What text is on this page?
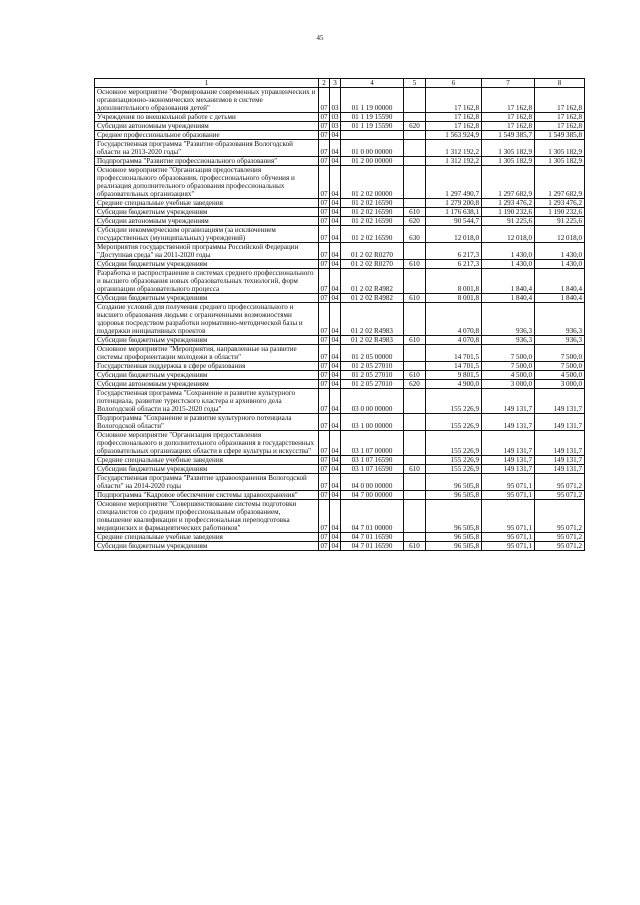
45
1	2	3	4	5	6	7	8
Основное мероприятие "Формирование современных управленческих и организационно-экономических механизмов в системе дополнительного образования детей"	07	03	01 1 19 00000		17 162,8	17 162,8	17 162,8
Учреждения по внешкольной работе с детьми	07	03	01 1 19 15590		17 162,8	17 162,8	17 162,8
Субсидии автономным учреждениям	07	03	01 1 19 15590	620	17 162,8	17 162,8	17 162,8
Среднее профессиональное образование	07	04			1 563 924,9	1 549 385,7	1 549 385,8
Государственная программа "Развитие образования Вологодской области на 2013-2020 годы"	07	04	01 0 00 00000		1 312 192,2	1 305 182,9	1 305 182,9
Подпрограмма "Развитие профессионального образования"	07	04	01 2 00 00000		1 312 192,2	1 305 182,9	1 305 182,9
Основное мероприятие "Организация предоставления профессионального образования, профессионального обучения и реализация дополнительного образования профессиональных образовательных организациях"	07	04	01 2 02 00000		1 297 490,7	1 297 682,9	1 297 682,9
Средние специальные учебные заведения	07	04	01 2 02 16590		1 279 200,8	1 293 476,2	1 293 476,2
Субсидии бюджетным учреждениям	07	04	01 2 02 16590	610	1 176 638,1	1 190 232,6	1 190 232,6
Субсидии автономным учреждениям	07	04	01 2 02 16590	620	90 544,7	91 225,6	91 225,6
Субсидии некоммерческим организациям (за исключением государственных (муниципальных) учреждений)	07	04	01 2 02 16590	630	12 018,0	12 018,0	12 018,0
Мероприятия государственной программы Российской Федерации "Доступная среда" на 2011-2020 годы	07	04	01 2 02 R0270		6 217,3	1 430,0	1 430,0
Субсидии бюджетным учреждениям	07	04	01 2 02 R0270	610	6 217,3	1 430,0	1 430,0
Разработка и распространение в системах среднего профессионального и высшего образования новых образовательных технологий, форм организации образовательного процесса	07	04	01 2 02 R4982		8 001,8	1 840,4	1 840,4
Субсидии бюджетным учреждениям	07	04	01 2 02 R4982	610	8 001,8	1 840,4	1 840,4
Создание условий для получения среднего профессионального и высшего образования людьми с ограниченными возможностями здоровья посредством разработки нормативно-методической базы и поддержки инициативных проектов	07	04	01 2 02 R4983		4 070,8	936,3	936,3
Субсидии бюджетным учреждениям	07	04	01 2 02 R4983	610	4 070,8	936,3	936,3
Основное мероприятие "Мероприятия, направленные на развитие системы профориентации молодежи в области"	07	04	01 2 05 00000		14 701,5	7 500,0	7 500,0
Государственная поддержка в сфере образования	07	04	01 2 05 27010		14 701,5	7 500,0	7 500,0
Субсидии бюджетным учреждениям	07	04	01 2 05 27010	610	9 801,5	4 500,0	4 500,0
Субсидии автономным учреждениям	07	04	01 2 05 27010	620	4 900,0	3 000,0	3 000,0
Государственная программа "Сохранение и развитие культурного потенциала, развитие туристского кластера и архивного дела Вологодской области на 2015-2020 годы"	07	04	03 0 00 00000		155 226,9	149 131,7	149 131,7
Подпрограмма "Сохранение и развитие культурного потенциала Вологодской области"	07	04	03 1 00 00000		155 226,9	149 131,7	149 131,7
Основное мероприятие "Организация предоставления профессионального и дополнительного образования в государственных образовательных организациях области в сфере культуры и искусства"	07	04	03 1 07 00000		155 226,9	149 131,7	149 131,7
Средние специальные учебные заведения	07	04	03 1 07 16590		155 226,9	149 131,7	149 131,7
Субсидии бюджетным учреждениям	07	04	03 1 07 16590	610	155 226,9	149 131,7	149 131,7
Государственная программа "Развитие здравоохранения Вологодской области" на 2014-2020 годы	07	04	04 0 00 00000		96 505,8	95 071,1	95 071,2
Подпрограмма "Кадровое обеспечение системы здравоохранения"	07	04	04 7 00 00000		96 505,8	95 071,1	95 071,2
Основное мероприятие "Совершенствование системы подготовки специалистов со средним профессиональным образованием, повышение квалификации и профессиональная переподготовка медицинских и фармацевтических работников"	07	04	04 7 01 00000		96 505,8	95 071,1	95 071,2
Средние специальные учебные заведения	07	04	04 7 01 16590		96 505,8	95 071,1	95 071,2
Субсидии бюджетным учреждениям	07	04	04 7 01 16590	610	96 505,8	95 071,1	95 071,2
